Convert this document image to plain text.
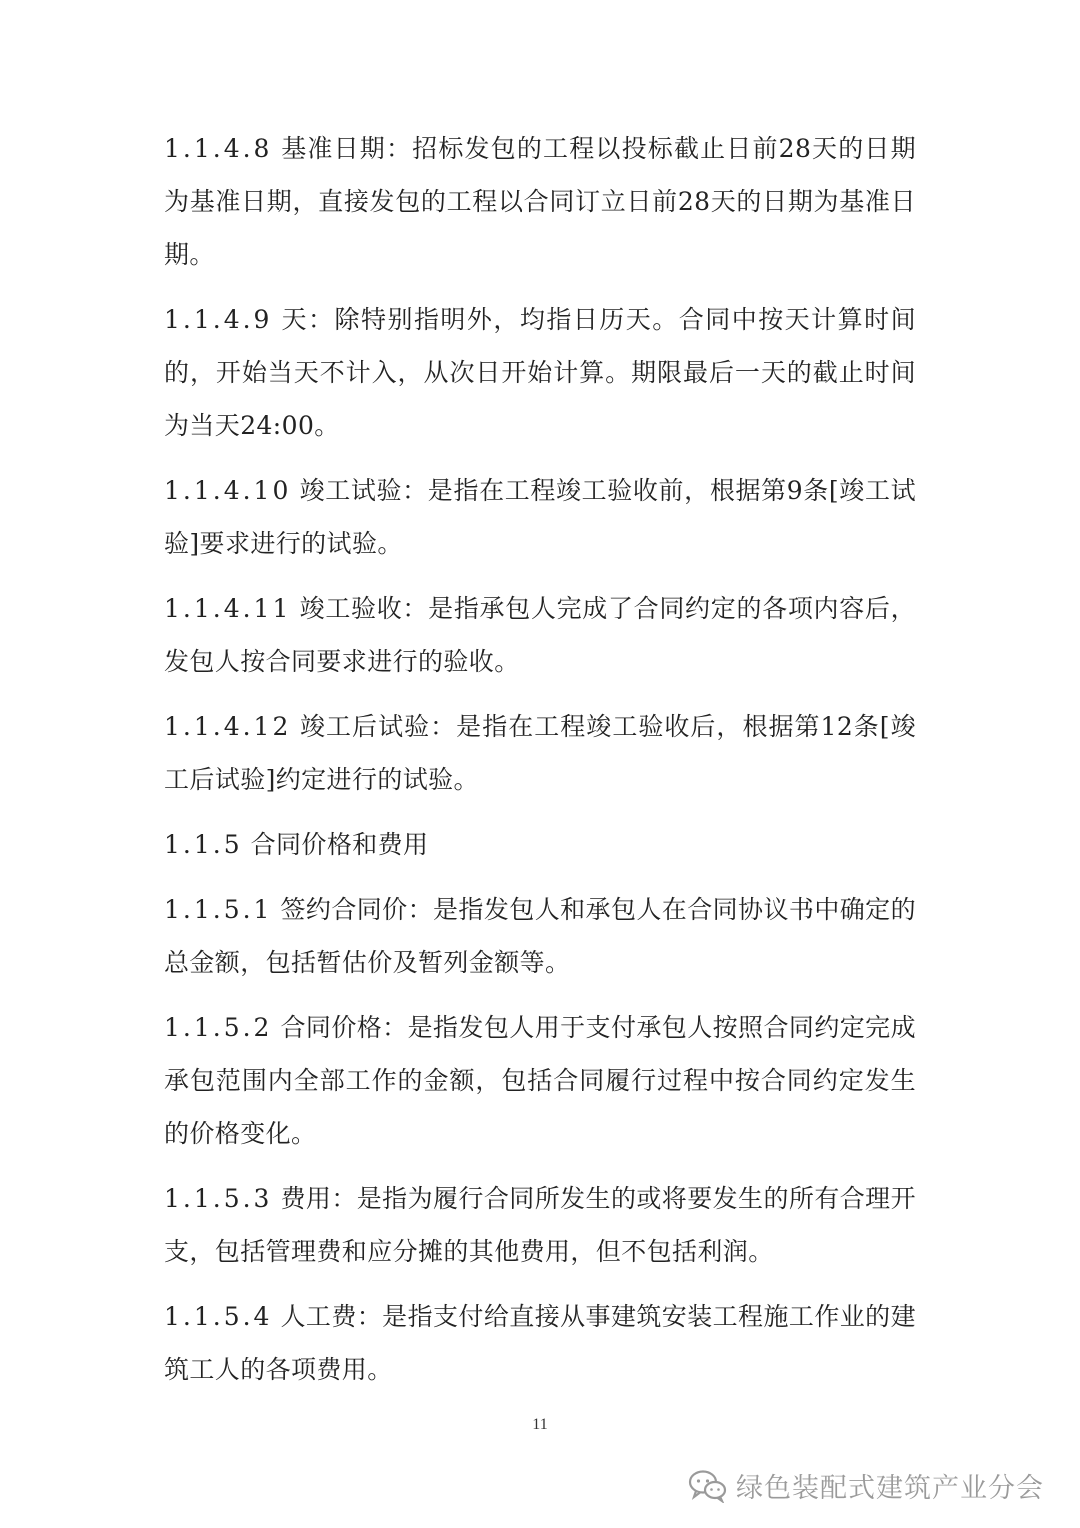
1.1.4.8 基准日期：招标发包的工程以投标截止日前28天的日期为基准日期，直接发包的工程以合同订立日前28天的日期为基准日期。

1.1.4.9 天：除特别指明外，均指日历天。合同中按天计算时间的，开始当天不计入，从次日开始计算。期限最后一天的截止时间为当天24:00。

1.1.4.10 竣工试验：是指在工程竣工验收前，根据第9条[竣工试验]要求进行的试验。

1.1.4.11 竣工验收：是指承包人完成了合同约定的各项内容后，发包人按合同要求进行的验收。

1.1.4.12 竣工后试验：是指在工程竣工验收后，根据第12条[竣工后试验]约定进行的试验。

1.1.5 合同价格和费用

1.1.5.1 签约合同价：是指发包人和承包人在合同协议书中确定的总金额，包括暂估价及暂列金额等。

1.1.5.2 合同价格：是指发包人用于支付承包人按照合同约定完成承包范围内全部工作的金额，包括合同履行过程中按合同约定发生的价格变化。

1.1.5.3 费用：是指为履行合同所发生的或将要发生的所有合理开支，包括管理费和应分摊的其他费用，但不包括利润。

1.1.5.4 人工费：是指支付给直接从事建筑安装工程施工作业的建筑工人的各项费用。

11
绿色装配式建筑产业分会
